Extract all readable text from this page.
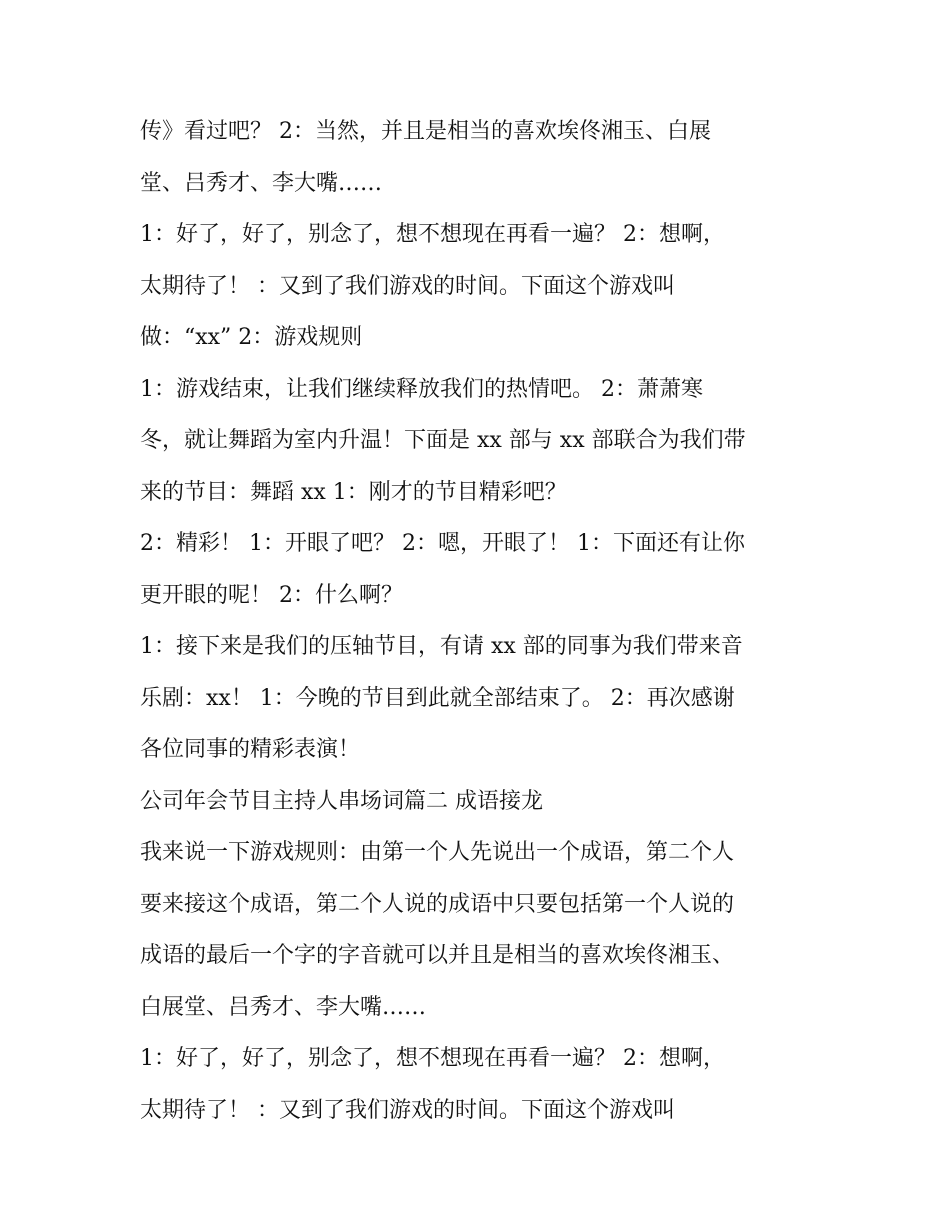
传》看过吧？ 2：当然，并且是相当的喜欢埃佟湘玉、白展
堂、吕秀才、李大嘴……
1：好了，好了，别念了，想不想现在再看一遍？ 2：想啊，
太期待了！ ：又到了我们游戏的时间。下面这个游戏叫
做：“xx” 2：游戏规则
1：游戏结束，让我们继续释放我们的热情吧。 2：萧萧寒
冬，就让舞蹈为室内升温！下面是 xx 部与 xx 部联合为我们带
来的节目：舞蹈 xx 1：刚才的节目精彩吧？
2：精彩！ 1：开眼了吧？ 2：嗯，开眼了！ 1：下面还有让你
更开眼的呢！ 2：什么啊？
1：接下来是我们的压轴节目，有请 xx 部的同事为我们带来音
乐剧：xx！ 1：今晚的节目到此就全部结束了。 2：再次感谢
各位同事的精彩表演！
公司年会节目主持人串场词篇二 成语接龙
我来说一下游戏规则：由第一个人先说出一个成语，第二个人
要来接这个成语，第二个人说的成语中只要包括第一个人说的
成语的最后一个字的字音就可以并且是相当的喜欢埃佟湘玉、
白展堂、吕秀才、李大嘴……
1：好了，好了，别念了，想不想现在再看一遍？ 2：想啊，
太期待了！ ：又到了我们游戏的时间。下面这个游戏叫
